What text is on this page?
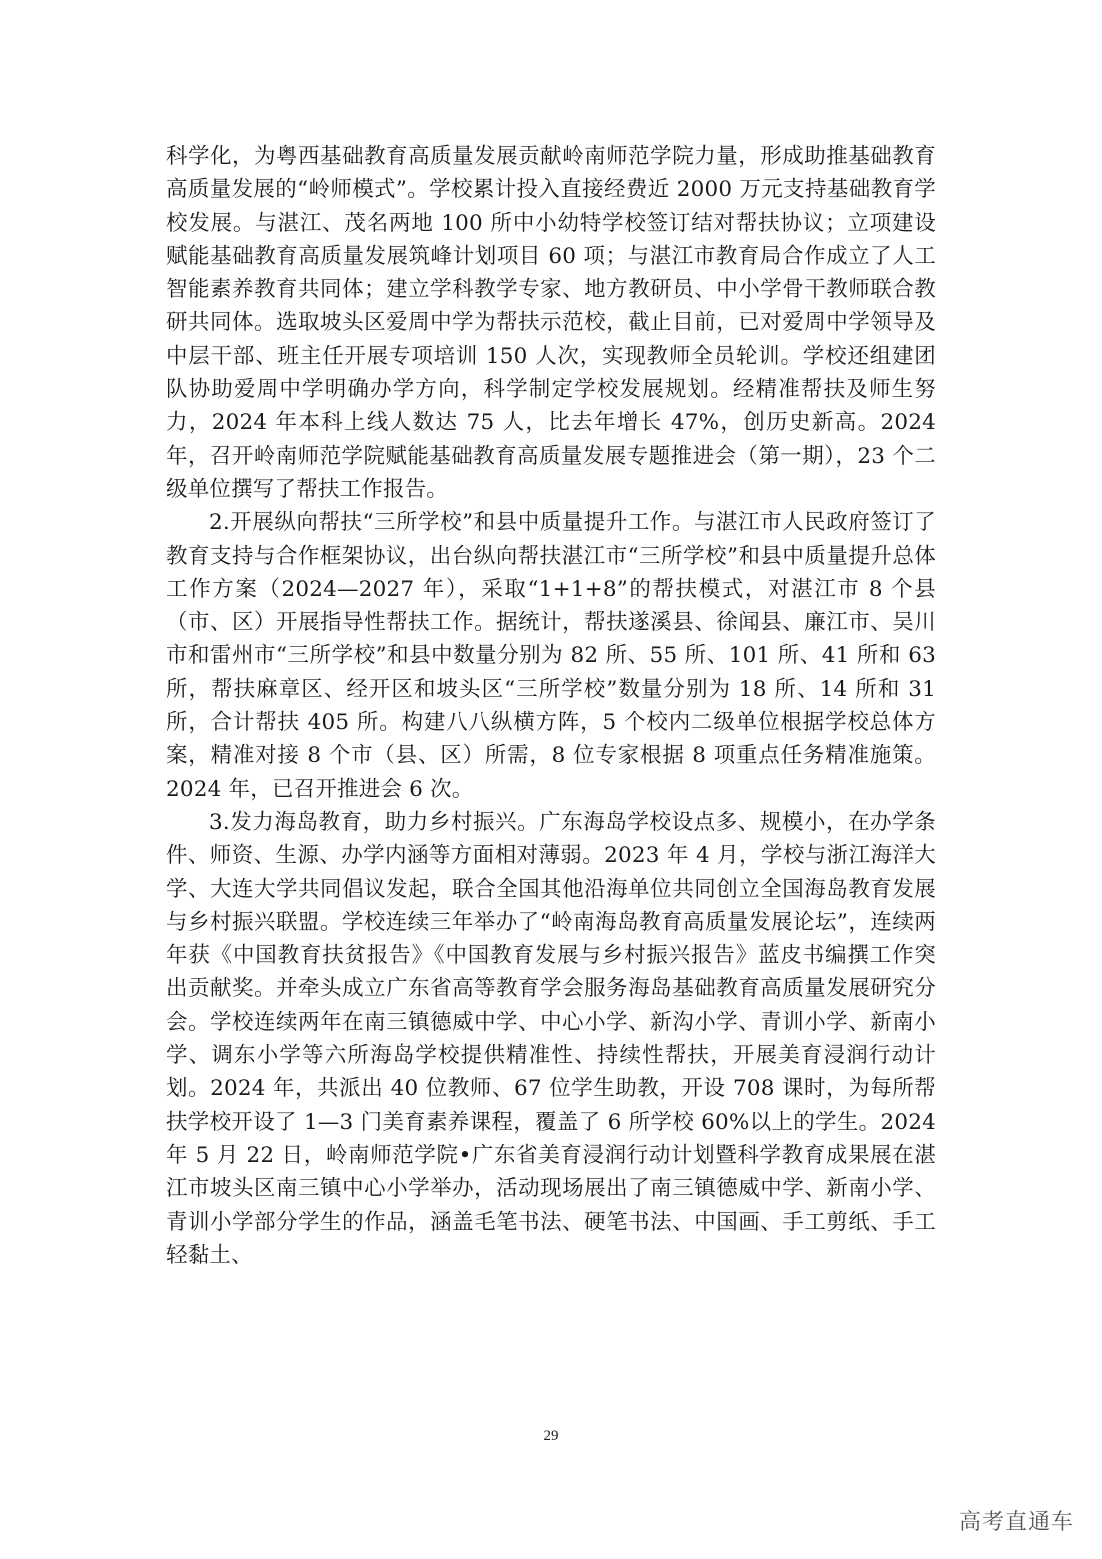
科学化，为粤西基础教育高质量发展贡献岭南师范学院力量，形成助推基础教育高质量发展的“岭师模式”。学校累计投入直接经费近 2000 万元支持基础教育学校发展。与湛江、茂名两地 100 所中小幼特学校签订结对帮扶协议；立项建设赋能基础教育高质量发展筑峰计划项目 60 项；与湛江市教育局合作成立了人工智能素养教育共同体；建立学科教学专家、地方教研员、中小学骨干教师联合教研共同体。选取坡头区爱周中学为帮扶示范校，截止目前，已对爱周中学领导及中层干部、班主任开展专项培训 150 人次，实现教师全员轮训。学校还组建团队协助爱周中学明确办学方向，科学制定学校发展规划。经精准帮扶及师生努力，2024 年本科上线人数达 75 人，比去年增长 47%，创历史新高。2024 年，召开岭南师范学院赋能基础教育高质量发展专题推进会（第一期），23 个二级单位撰写了帮扶工作报告。

2.开展纵向帮扶“三所学校”和县中质量提升工作。与湛江市人民政府签订了教育支持与合作框架协议，出台纵向帮扶湛江市“三所学校”和县中质量提升总体工作方案（2024—2027 年），采取“1+1+8”的帮扶模式，对湛江市 8 个县（市、区）开展指导性帮扶工作。据统计，帮扶遂溪县、徐闻县、廉江市、吴川市和雷州市“三所学校”和县中数量分别为 82 所、55 所、101 所、41 所和 63 所，帮扶麻章区、经开区和坡头区“三所学校”数量分别为 18 所、14 所和 31 所，合计帮扶 405 所。构建八八纵横方阵，5 个校内二级单位根据学校总体方案，精准对接 8 个市（县、区）所需，8 位专家根据 8 项重点任务精准施策。2024 年，已召开推进会 6 次。

3.发力海岛教育，助力乡村振兴。广东海岛学校设点多、规模小，在办学条件、师资、生源、办学内涵等方面相对薄弱。2023 年 4 月，学校与浙江海洋大学、大连大学共同倡议发起，联合全国其他沿海单位共同创立全国海岛教育发展与乡村振兴联盟。学校连续三年举办了“岭南海岛教育高质量发展论坛”，连续两年获《中国教育扶贫报告》《中国教育发展与乡村振兴报告》蓝皮书编撰工作突出贡献奖。并牵头成立广东省高等教育学会服务海岛基础教育高质量发展研究分会。学校连续两年在南三镇德威中学、中心小学、新沟小学、青训小学、新南小学、调东小学等六所海岛学校提供精准性、持续性帮扶，开展美育浸润行动计划。2024 年，共派出 40 位教师、67 位学生助教，开设 708 课时，为每所帮扶学校开设了 1—3 门美育素养课程，覆盖了 6 所学校 60%以上的学生。2024 年 5 月 22 日，岭南师范学院•广东省美育浸润行动计划暨科学教育成果展在湛江市坡头区南三镇中心小学举办，活动现场展出了南三镇德威中学、新南小学、青训小学部分学生的作品，涵盖毛笔书法、硬笔书法、中国画、手工剪纸、手工轻黏土、

29
高考直通车
